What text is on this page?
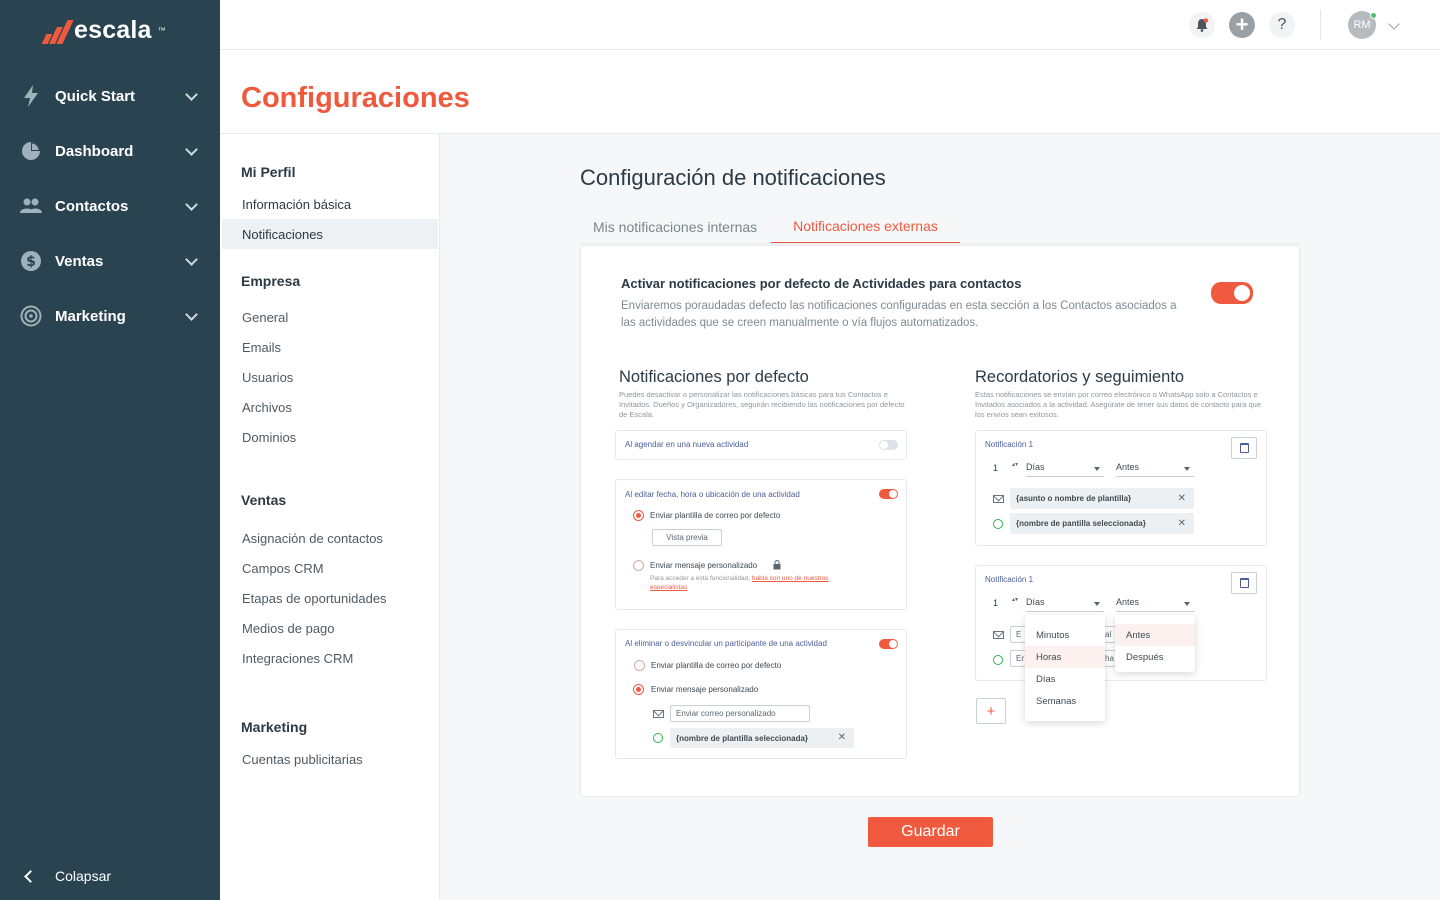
escala ™
Quick Start
Dashboard
Contactos
$ Ventas
Marketing
Colapsar
+ ?	RM
Configuraciones
Mi Perfil
Información básica
Notificaciones
Empresa
General
Emails
Usuarios
Archivos
Dominios
Ventas
Asignación de contactos
Campos CRM
Etapas de oportunidades
Medios de pago
Integraciones CRM
Marketing
Cuentas publicitarias
Configuración de notificaciones
Mis notificaciones internas	Notificaciones externas
Activar notificaciones por defecto de Actividades para contactos
Enviaremos poraudadas defecto las notificaciones configuradas en esta sección a los Contactos asociados a las actividades que se creen manualmente o vía flujos automatizados.
Notificaciones por defecto
Puedes desactivar o personalizar las notificaciones básicas para tus Contactos e Invitados. Dueños y Organizadores, seguirán recibiendo las notificaciones por defecto de Escala.
Al agendar en una nueva actividad
Al editar fecha, hora o ubicación de una actividad
Enviar plantilla de correo por defecto
Vista previa
Enviar mensaje personalizado
Para acceder a esta funcionalidad, habla con uno de nuestros especialistas
Al eliminar o desvincular un participante de una actividad
Enviar plantilla de correo por defecto
Enviar mensaje personalizado
Enviar correo personalizado
{nombre de plantilla seleccionada}	✕
Recordatorios y seguimiento
Estas notificaciones se envían por correo electrónico o WhatsApp solo a Contactos e Invitados asociados a la actividad. Asegúrate de tener sus datos de contacto para que los envíos sean exitosos.
Notificación 1
1 ▴▾ Días	Antes
{asunto o nombre de plantilla}	✕
{nombre de pantilla seleccionada}	✕
Notificación 1
1 ▴▾ Días	Antes
E	al
Er	ha
+
Minutos
Horas
Días
Semanas
Antes
Después
Guardar
